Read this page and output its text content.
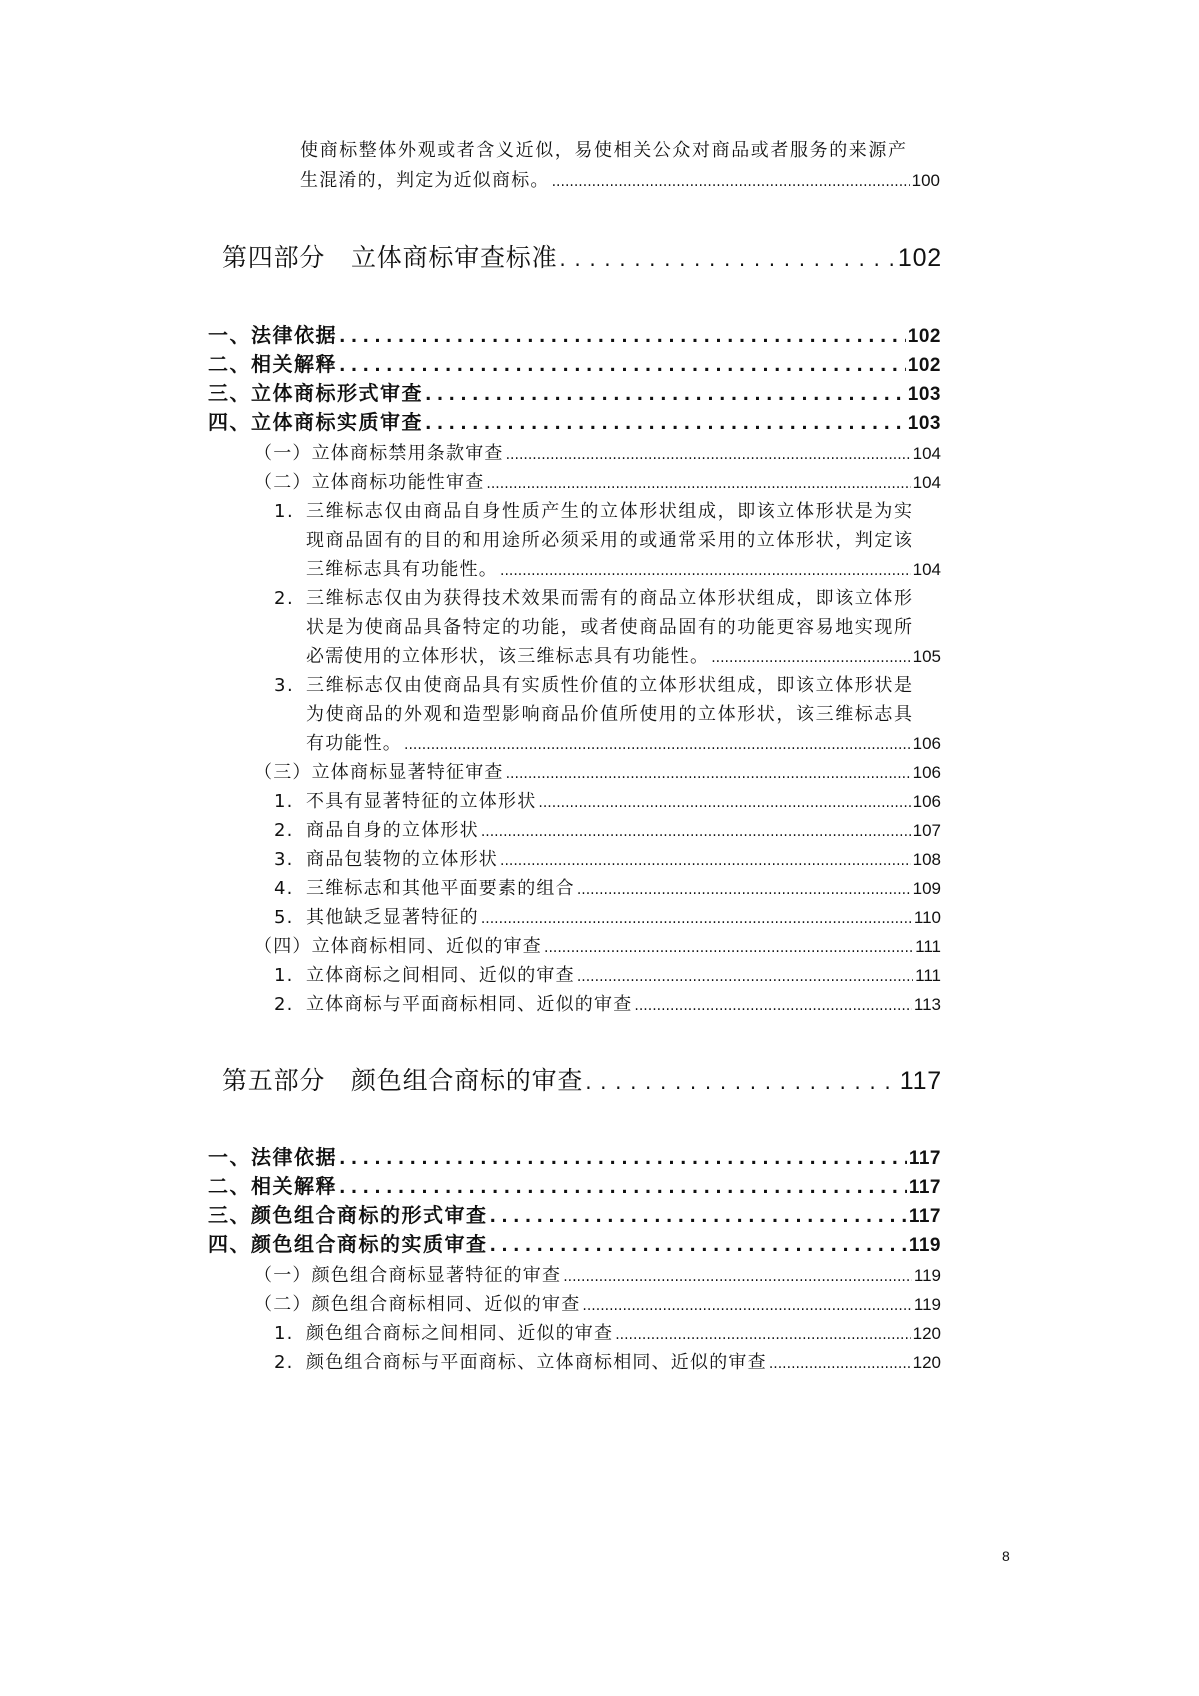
使商标整体外观或者含义近似，易使相关公众对商品或者服务的来源产
生混淆的，判定为近似商标。 .....	100
第四部分　立体商标审查标准 .....	102
一、法律依据 .....	102
二、相关解释 .....	102
三、立体商标形式审查 .....	103
四、立体商标实质审查 .....	103
（一）立体商标禁用条款审查 .....	104
（二）立体商标功能性审查 .....	104
1. 三维标志仅由商品自身性质产生的立体形状组成，即该立体形状是为实
现商品固有的目的和用途所必须采用的或通常采用的立体形状，判定该
三维标志具有功能性。 .....	104
2. 三维标志仅由为获得技术效果而需有的商品立体形状组成，即该立体形
状是为使商品具备特定的功能，或者使商品固有的功能更容易地实现所
必需使用的立体形状，该三维标志具有功能性。 .....	105
3. 三维标志仅由使商品具有实质性价值的立体形状组成，即该立体形状是
为使商品的外观和造型影响商品价值所使用的立体形状，该三维标志具
有功能性。 .....	106
（三）立体商标显著特征审查 .....	106
1. 不具有显著特征的立体形状 .....	106
2. 商品自身的立体形状 .....	107
3. 商品包装物的立体形状 .....	108
4. 三维标志和其他平面要素的组合 .....	109
5. 其他缺乏显著特征的 .....	110
（四）立体商标相同、近似的审查 .....	111
1. 立体商标之间相同、近似的审查 .....	111
2. 立体商标与平面商标相同、近似的审查 .....	113
第五部分　颜色组合商标的审查 .....	117
一、法律依据 .....	117
二、相关解释 .....	117
三、颜色组合商标的形式审查 .....	117
四、颜色组合商标的实质审查 .....	119
（一）颜色组合商标显著特征的审查 .....	119
（二）颜色组合商标相同、近似的审查 .....	119
1. 颜色组合商标之间相同、近似的审查 .....	120
2. 颜色组合商标与平面商标、立体商标相同、近似的审查 .....	120
8
